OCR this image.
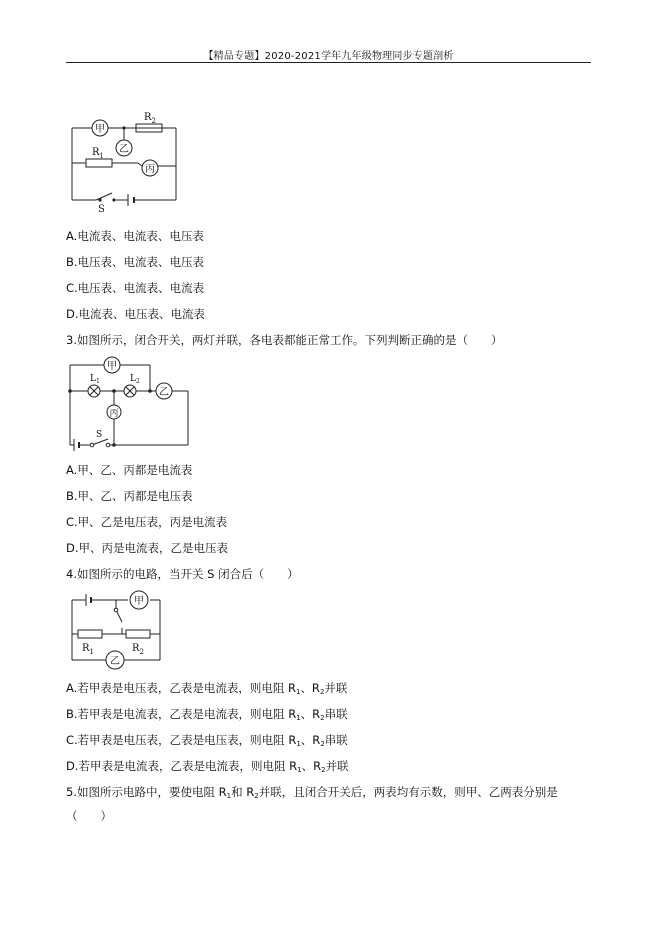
【精品专题】2020-2021学年九年级物理同步专题剖析
甲
乙
丙
$R_2$
$R_1$
S
A.电流表、电流表、电压表
B.电压表、电流表、电压表
C.电压表、电流表、电流表
D.电流表、电压表、电流表
3.如图所示，闭合开关，两灯并联，各电表都能正常工作。下列判断正确的是（　　）
甲
乙
丙
$L_1$	$L_2$
S
A.甲、乙、丙都是电流表
B.甲、乙、丙都是电压表
C.甲、乙是电压表，丙是电流表
D.甲、丙是电流表，乙是电压表
4.如图所示的电路，当开关 S 闭合后（　　）
甲
乙
$R_1$	$R_2$
A.若甲表是电压表，乙表是电流表，则电阻 $R_1$、$R_2$并联
B.若甲表是电流表，乙表是电流表，则电阻 $R_1$、$R_2$串联
C.若甲表是电压表，乙表是电压表，则电阻 $R_1$、$R_2$串联
D.若甲表是电流表，乙表是电流表，则电阻 $R_1$、$R_2$并联
5.如图所示电路中，要使电阻 $R_1$和 $R_2$并联，且闭合开关后，两表均有示数，则甲、乙两表分别是
（　　）
